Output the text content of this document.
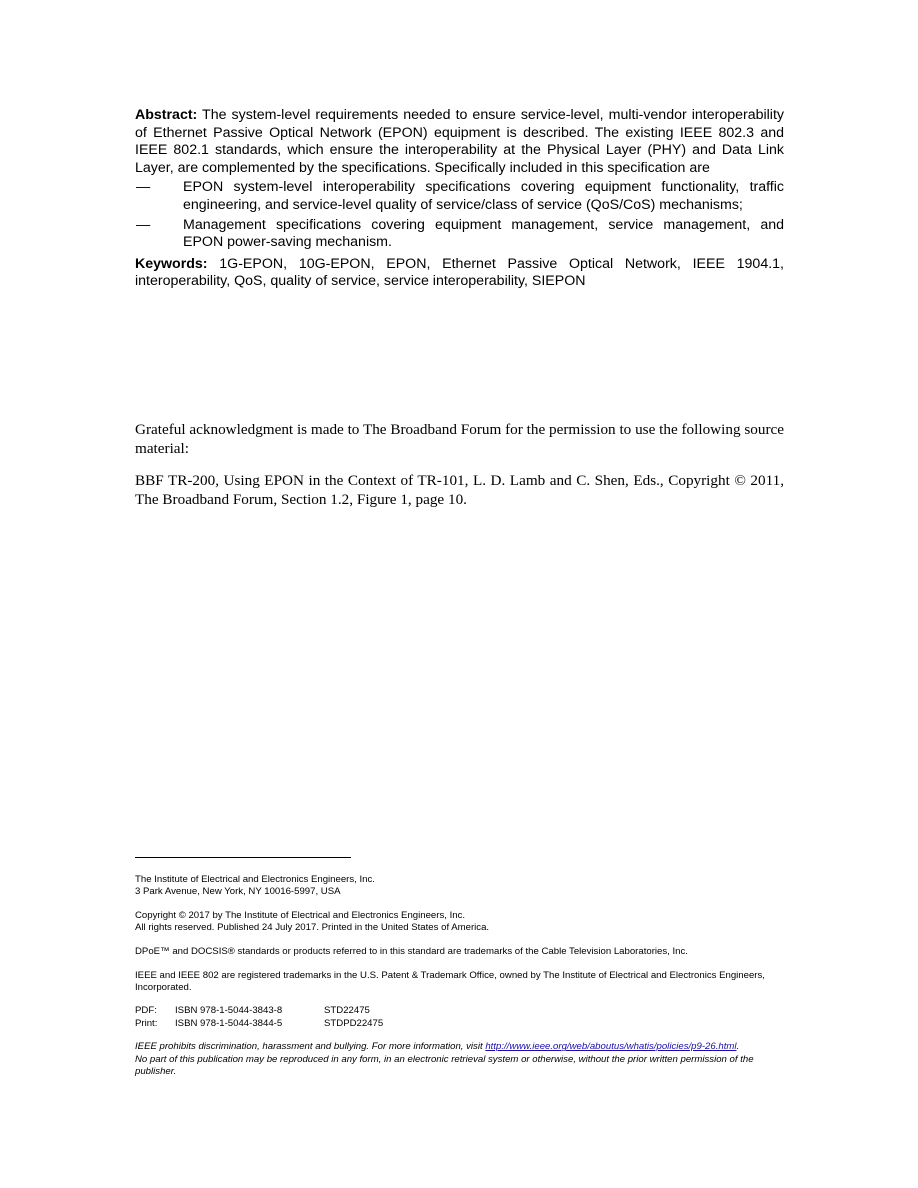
Abstract: The system-level requirements needed to ensure service-level, multi-vendor interoperability of Ethernet Passive Optical Network (EPON) equipment is described. The existing IEEE 802.3 and IEEE 802.1 standards, which ensure the interoperability at the Physical Layer (PHY) and Data Link Layer, are complemented by the specifications. Specifically included in this specification are
— EPON system-level interoperability specifications covering equipment functionality, traffic engineering, and service-level quality of service/class of service (QoS/CoS) mechanisms;
— Management specifications covering equipment management, service management, and EPON power-saving mechanism.
Keywords: 1G-EPON, 10G-EPON, EPON, Ethernet Passive Optical Network, IEEE 1904.1, interoperability, QoS, quality of service, service interoperability, SIEPON
Grateful acknowledgment is made to The Broadband Forum for the permission to use the following source material:
BBF TR-200, Using EPON in the Context of TR-101, L. D. Lamb and C. Shen, Eds., Copyright © 2011, The Broadband Forum, Section 1.2, Figure 1, page 10.

The Institute of Electrical and Electronics Engineers, Inc.
3 Park Avenue, New York, NY 10016-5997, USA

Copyright © 2017 by The Institute of Electrical and Electronics Engineers, Inc.
All rights reserved. Published 24 July 2017. Printed in the United States of America.

DPoE™ and DOCSIS® standards or products referred to in this standard are trademarks of the Cable Television Laboratories, Inc.

IEEE and IEEE 802 are registered trademarks in the U.S. Patent & Trademark Office, owned by The Institute of Electrical and Electronics Engineers, Incorporated.

PDF:	ISBN 978-1-5044-3843-8	STD22475
Print:	ISBN 978-1-5044-3844-5	STDPD22475

IEEE prohibits discrimination, harassment and bullying. For more information, visit http://www.ieee.org/web/aboutus/whatis/policies/p9-26.html.
No part of this publication may be reproduced in any form, in an electronic retrieval system or otherwise, without the prior written permission of the publisher.
